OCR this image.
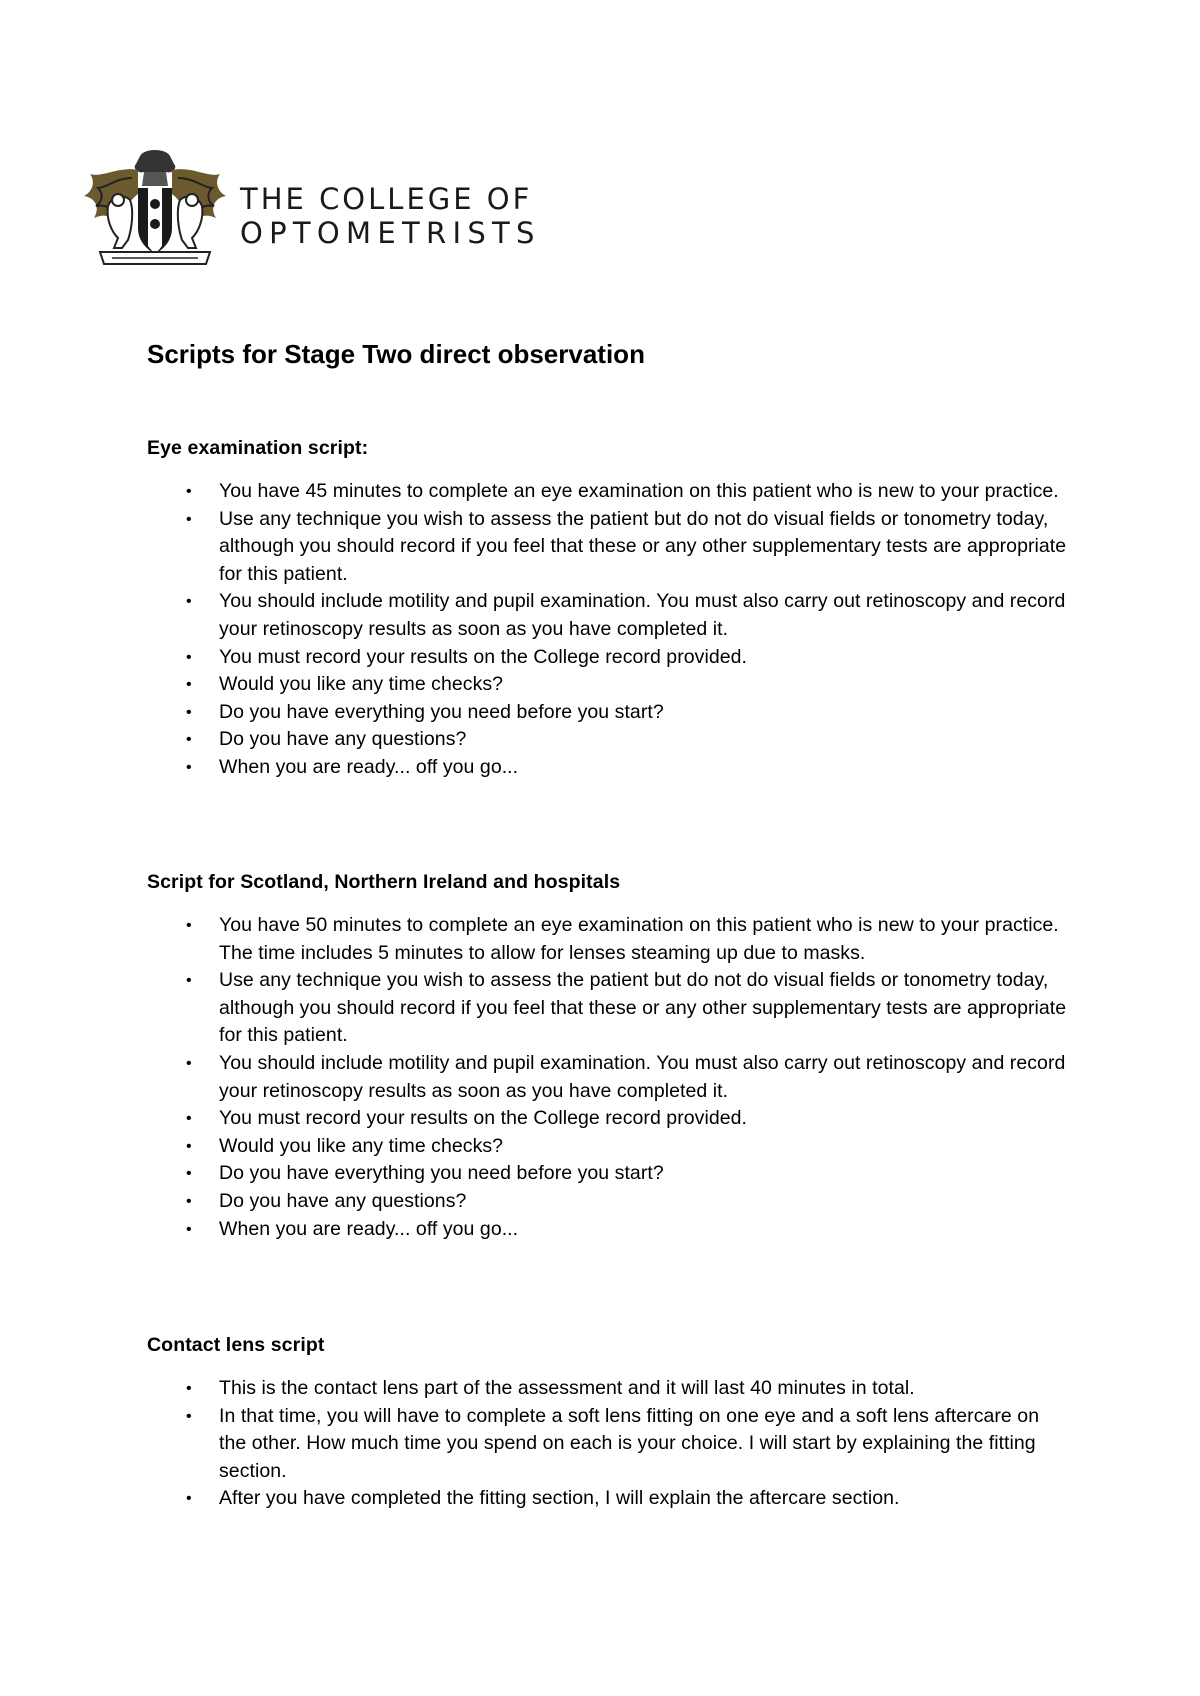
THE COLLEGE OF
OPTOMETRISTS
Scripts for Stage Two direct observation
Eye examination script:
• You have 45 minutes to complete an eye examination on this patient who is new to your practice.
• Use any technique you wish to assess the patient but do not do visual fields or tonometry today, although you should record if you feel that these or any other supplementary tests are appropriate for this patient.
• You should include motility and pupil examination. You must also carry out retinoscopy and record your retinoscopy results as soon as you have completed it.
• You must record your results on the College record provided.
• Would you like any time checks?
• Do you have everything you need before you start?
• Do you have any questions?
• When you are ready... off you go...
Script for Scotland, Northern Ireland and hospitals
• You have 50 minutes to complete an eye examination on this patient who is new to your practice. The time includes 5 minutes to allow for lenses steaming up due to masks.
• Use any technique you wish to assess the patient but do not do visual fields or tonometry today, although you should record if you feel that these or any other supplementary tests are appropriate for this patient.
• You should include motility and pupil examination. You must also carry out retinoscopy and record your retinoscopy results as soon as you have completed it.
• You must record your results on the College record provided.
• Would you like any time checks?
• Do you have everything you need before you start?
• Do you have any questions?
• When you are ready... off you go...
Contact lens script
• This is the contact lens part of the assessment and it will last 40 minutes in total.
• In that time, you will have to complete a soft lens fitting on one eye and a soft lens aftercare on the other. How much time you spend on each is your choice. I will start by explaining the fitting section.
• After you have completed the fitting section, I will explain the aftercare section.
